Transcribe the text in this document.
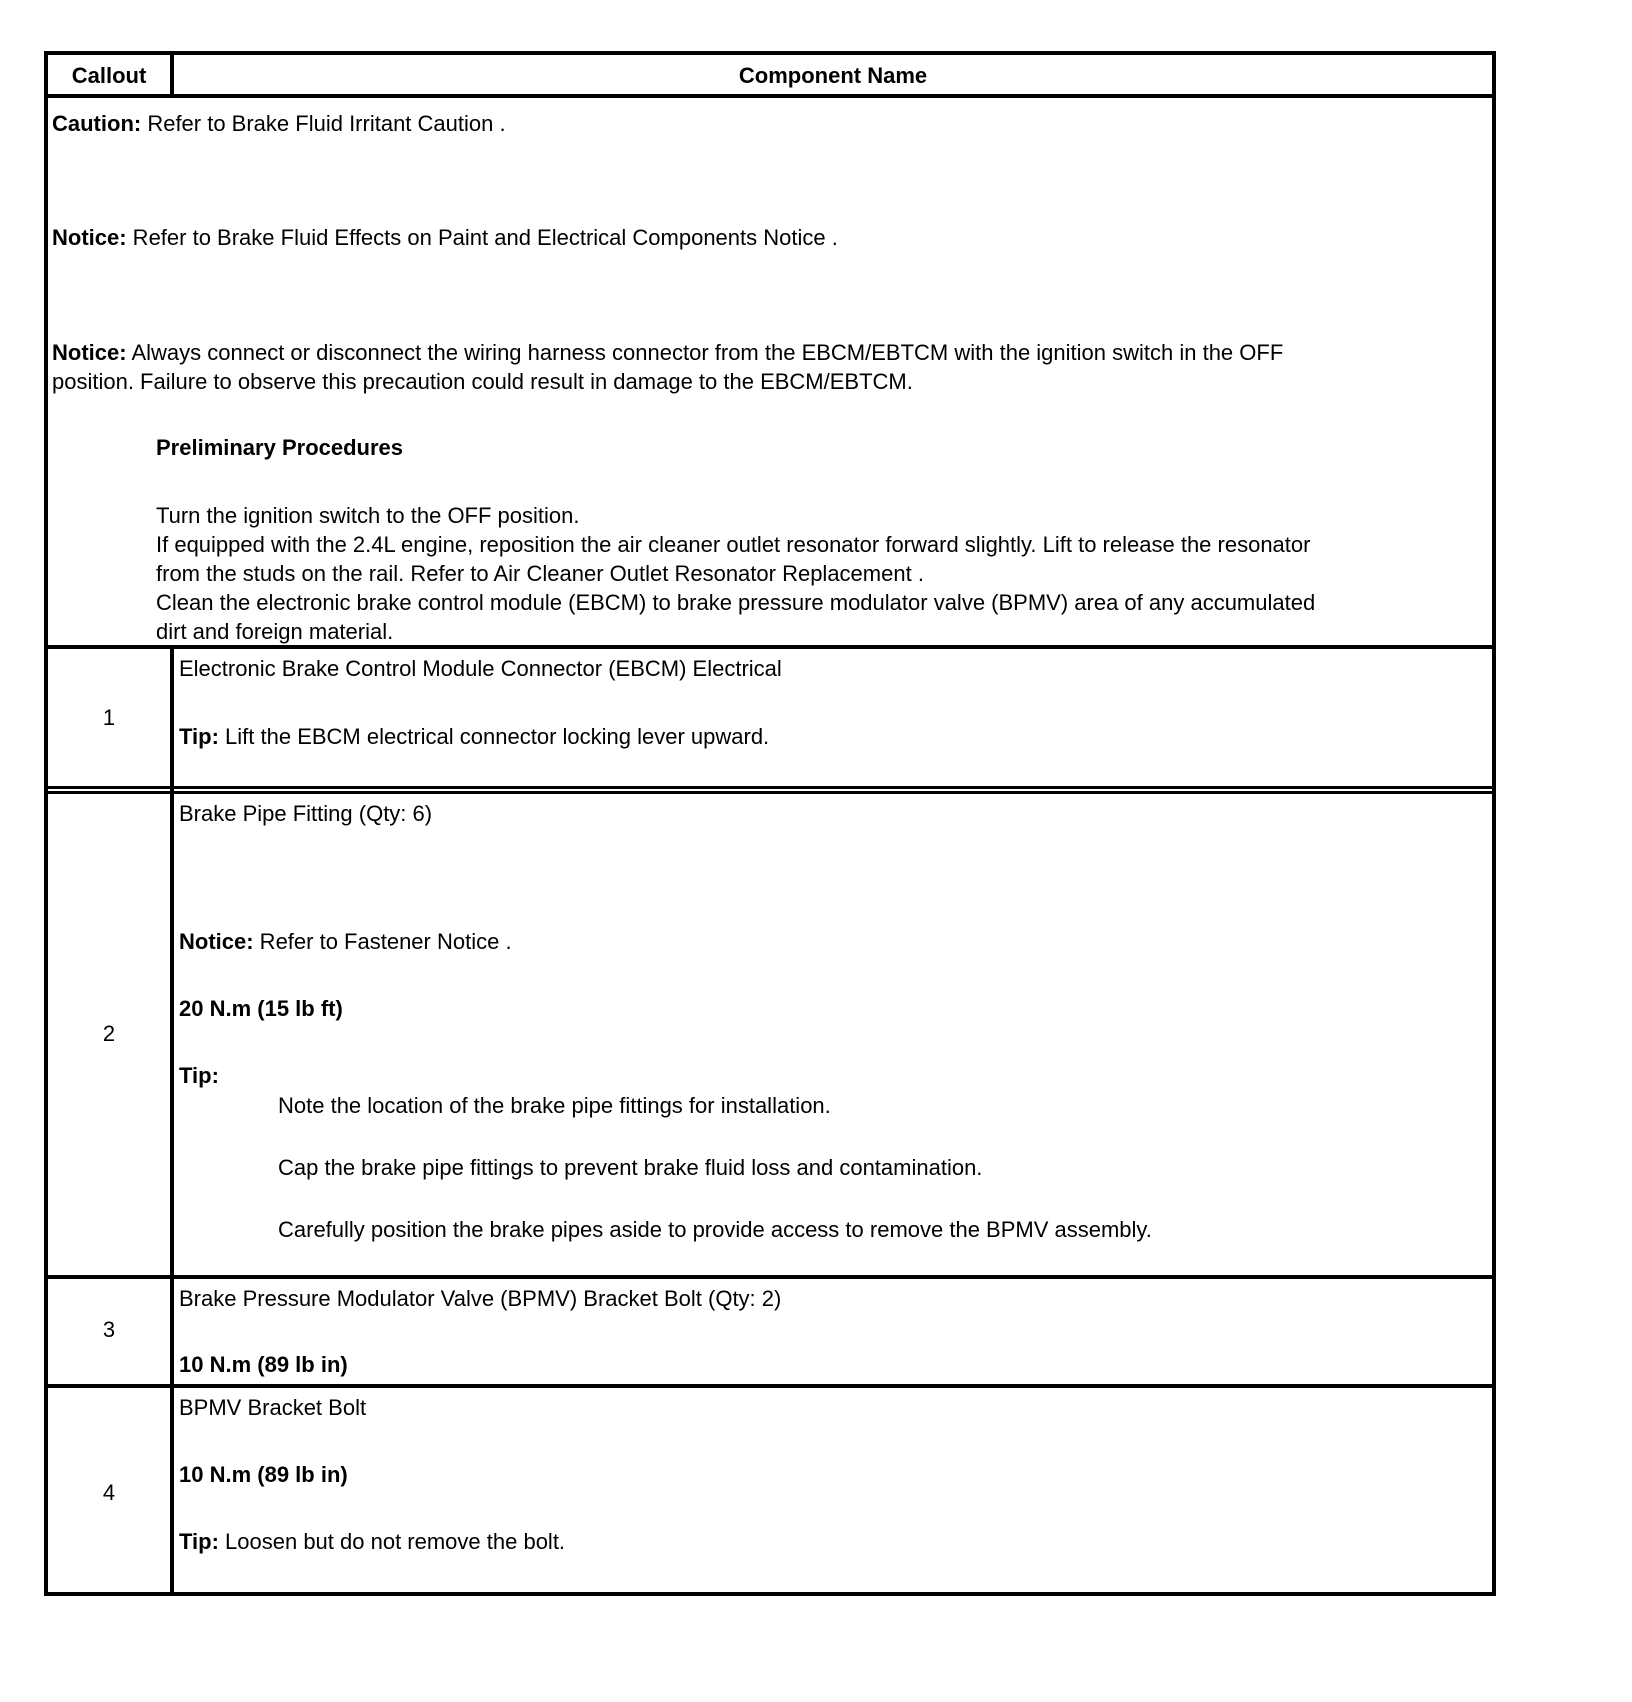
Callout	Component Name
Caution: Refer to Brake Fluid Irritant Caution .
Notice: Refer to Brake Fluid Effects on Paint and Electrical Components Notice .
Notice: Always connect or disconnect the wiring harness connector from the EBCM/EBTCM with the ignition switch in the OFF
position. Failure to observe this precaution could result in damage to the EBCM/EBTCM.
Preliminary Procedures
Turn the ignition switch to the OFF position.
If equipped with the 2.4L engine, reposition the air cleaner outlet resonator forward slightly. Lift to release the resonator
from the studs on the rail. Refer to Air Cleaner Outlet Resonator Replacement .
Clean the electronic brake control module (EBCM) to brake pressure modulator valve (BPMV) area of any accumulated
dirt and foreign material.
1
Electronic Brake Control Module Connector (EBCM) Electrical
Tip: Lift the EBCM electrical connector locking lever upward.
2
Brake Pipe Fitting (Qty: 6)
Notice: Refer to Fastener Notice .
20 N.m (15 lb ft)
Tip:
Note the location of the brake pipe fittings for installation.
Cap the brake pipe fittings to prevent brake fluid loss and contamination.
Carefully position the brake pipes aside to provide access to remove the BPMV assembly.
3
Brake Pressure Modulator Valve (BPMV) Bracket Bolt (Qty: 2)
10 N.m (89 lb in)
4
BPMV Bracket Bolt
10 N.m (89 lb in)
Tip: Loosen but do not remove the bolt.
